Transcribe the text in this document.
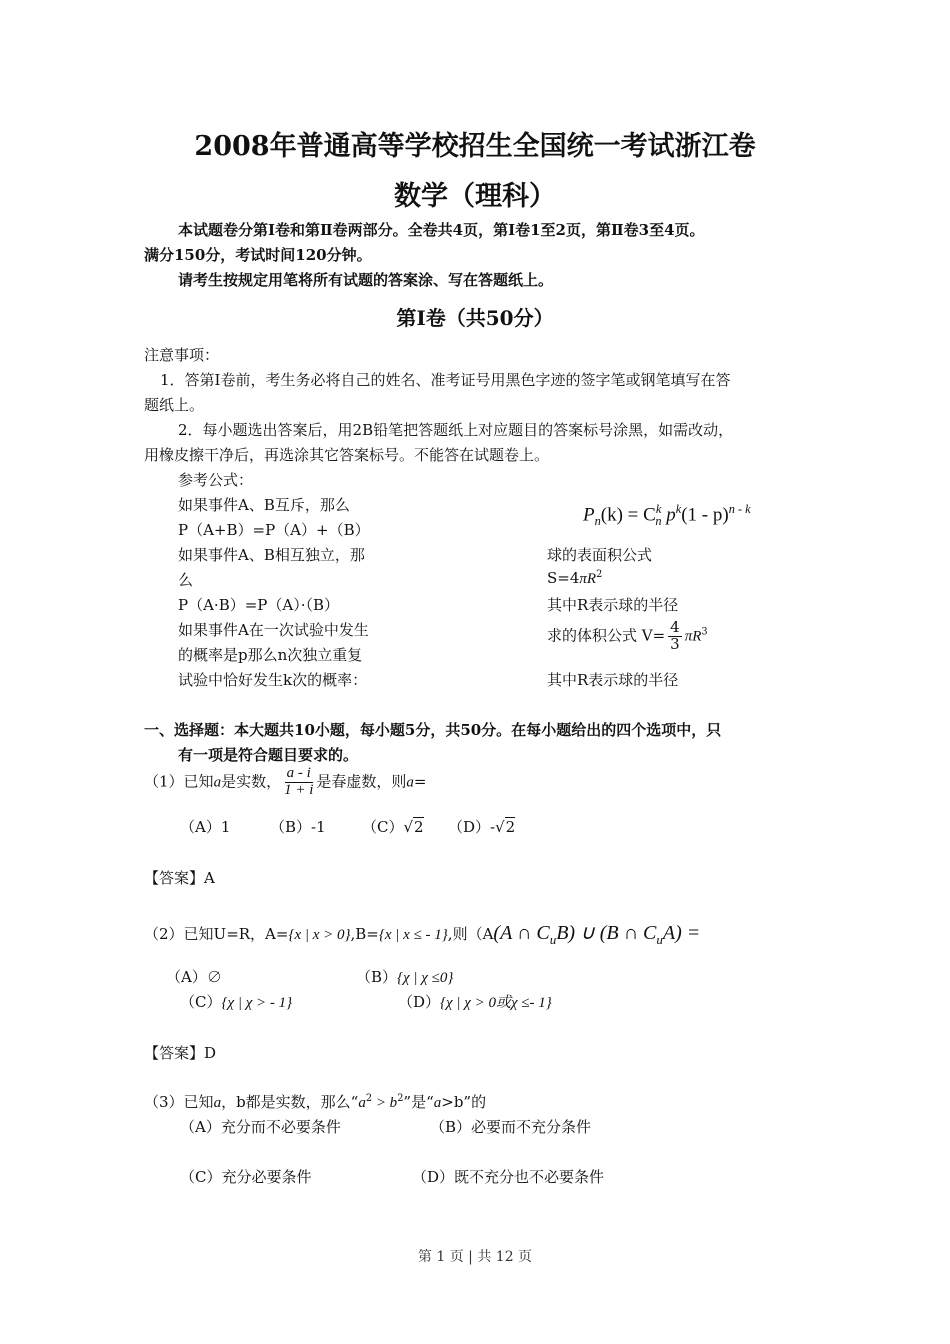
2008年普通高等学校招生全国统一考试浙江卷
数学（理科）
本试题卷分第Ⅰ卷和第Ⅱ卷两部分。全卷共4页，第Ⅰ卷1至2页，第Ⅱ卷3至4页。
满分150分，考试时间120分钟。
请考生按规定用笔将所有试题的答案涂、写在答题纸上。
第Ⅰ卷（共50分）
注意事项：
1．答第Ⅰ卷前，考生务必将自己的姓名、准考证号用黑色字迹的签字笔或钢笔填写在答
题纸上。
2．每小题选出答案后，用2B铅笔把答题纸上对应题目的答案标号涂黑，如需改动，
用橡皮擦干净后，再选涂其它答案标号。不能答在试题卷上。
参考公式：
如果事件A、B互斥，那么
P（A+B）=P（A）+（B）
如果事件A、B相互独立，那
么
P（A·B）=P（A）·（B）
如果事件A在一次试验中发生
的概率是p那么n次独立重复
试验中恰好发生k次的概率：
$P_n(k) = C^k_n$ $p^k(1 - p)^{n - k}$
球的表面积公式
$S=4\pi R^2$
其中R表示球的半径
求的体积公式 $V= \frac{4}{3} \pi R^3$
其中R表示球的半径
一、选择题：本大题共10小题，每小题5分，共50分。在每小题给出的四个选项中，只
有一项是符合题目要求的。
（1）已知a是实数， $\frac{a - i}{1 + i}$ 是春虚数，则a=
（A）1	（B）-1 （C）√2 （D）-√2
【答案】A
（2）已知U=R，A={x | x > 0},B={x | x ≤ - 1},则（A(A ∩ $C_uB$) ∪ (B ∩ $C_uA$) =
（A）∅	（B）{χ | χ ≤0}
（C）{χ | χ > - 1}	（D）{χ | χ > 0或χ ≤- 1}
【答案】D
（3）已知a，b都是实数，那么“$a^2 > b^2$”是“a>b”的
（A）充分而不必要条件	（B）必要而不充分条件
（C）充分必要条件	（D）既不充分也不必要条件
第 1 页 | 共 12 页
